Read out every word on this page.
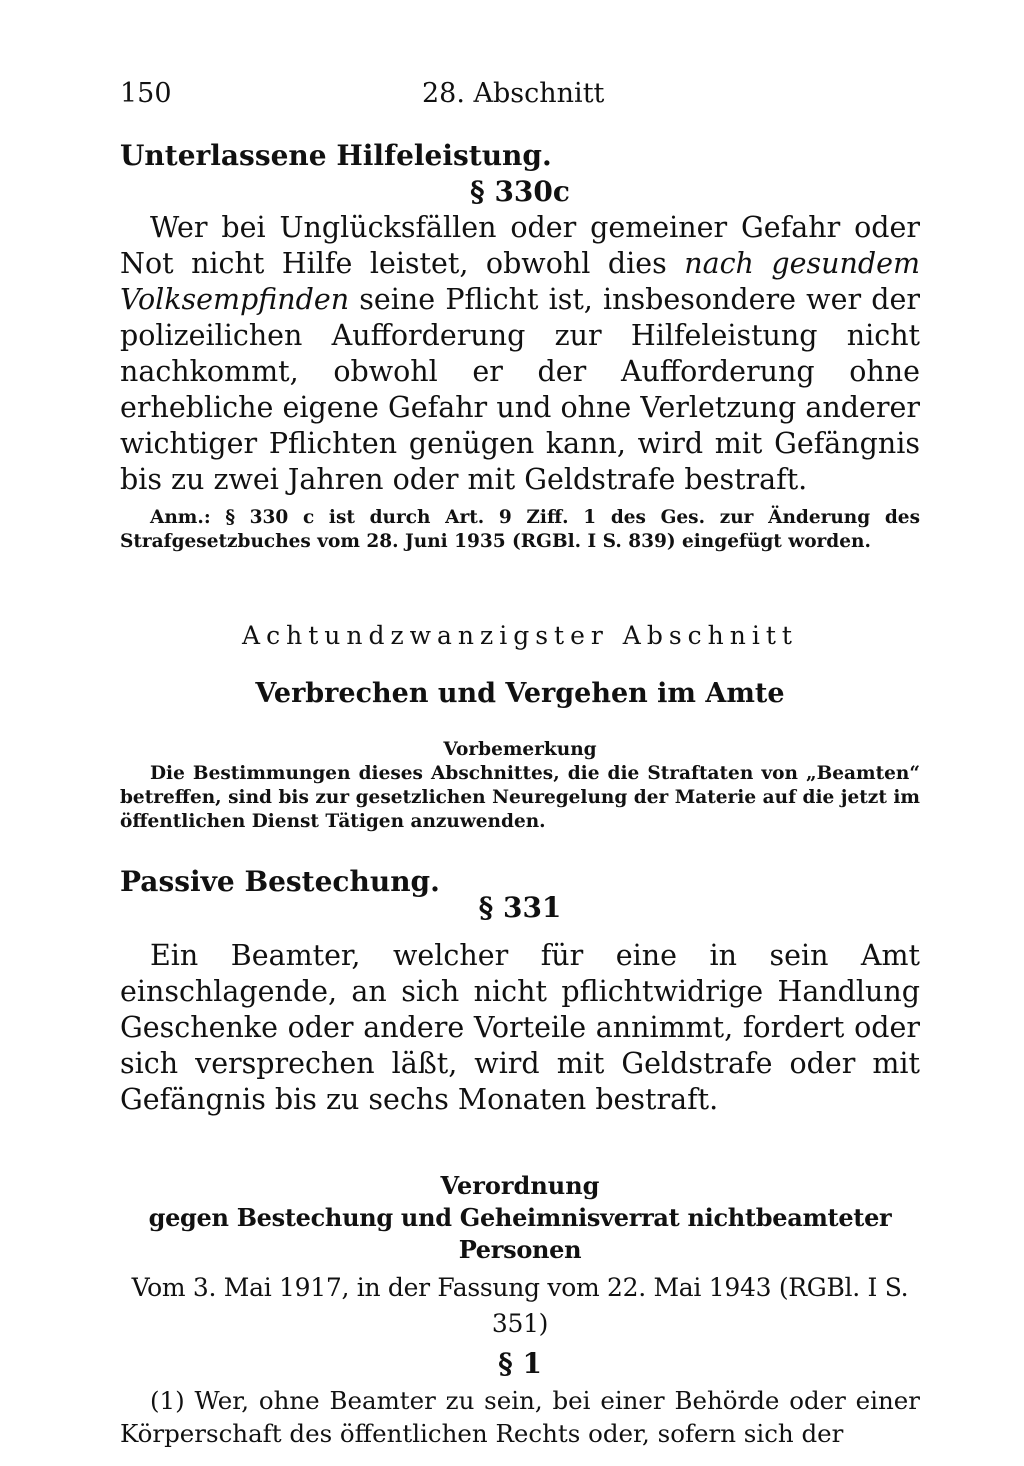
150	28. Abschnitt
Unterlassene Hilfeleistung.
§ 330c

Wer bei Unglücksfällen oder gemeiner Gefahr oder Not nicht Hilfe leistet, obwohl dies nach gesundem Volksempfinden seine Pflicht ist, insbesondere wer der polizeilichen Aufforderung zur Hilfeleistung nicht nachkommt, obwohl er der Aufforderung ohne erhebliche eigene Gefahr und ohne Verletzung anderer wichtiger Pflichten genügen kann, wird mit Gefängnis bis zu zwei Jahren oder mit Geldstrafe bestraft.

Anm.: § 330 c ist durch Art. 9 Ziff. 1 des Ges. zur Änderung des Strafgesetzbuches vom 28. Juni 1935 (RGBl. I S. 839) eingefügt worden.

Achtundzwanzigster Abschnitt
Verbrechen und Vergehen im Amte
Vorbemerkung

Die Bestimmungen dieses Abschnittes, die die Straftaten von „Beamten“ betreffen, sind bis zur gesetzlichen Neuregelung der Materie auf die jetzt im öffentlichen Dienst Tätigen anzuwenden.

Passive Bestechung.
§ 331

Ein Beamter, welcher für eine in sein Amt einschlagende, an sich nicht pflichtwidrige Handlung Geschenke oder andere Vorteile annimmt, fordert oder sich versprechen läßt, wird mit Geldstrafe oder mit Gefängnis bis zu sechs Monaten bestraft.

Verordnung
gegen Bestechung und Geheimnisverrat nichtbeamteter Personen
Vom 3. Mai 1917, in der Fassung vom 22. Mai 1943 (RGBl. I S. 351)
§ 1

(1) Wer, ohne Beamter zu sein, bei einer Behörde oder einer Körperschaft des öffentlichen Rechts oder, sofern sich der
